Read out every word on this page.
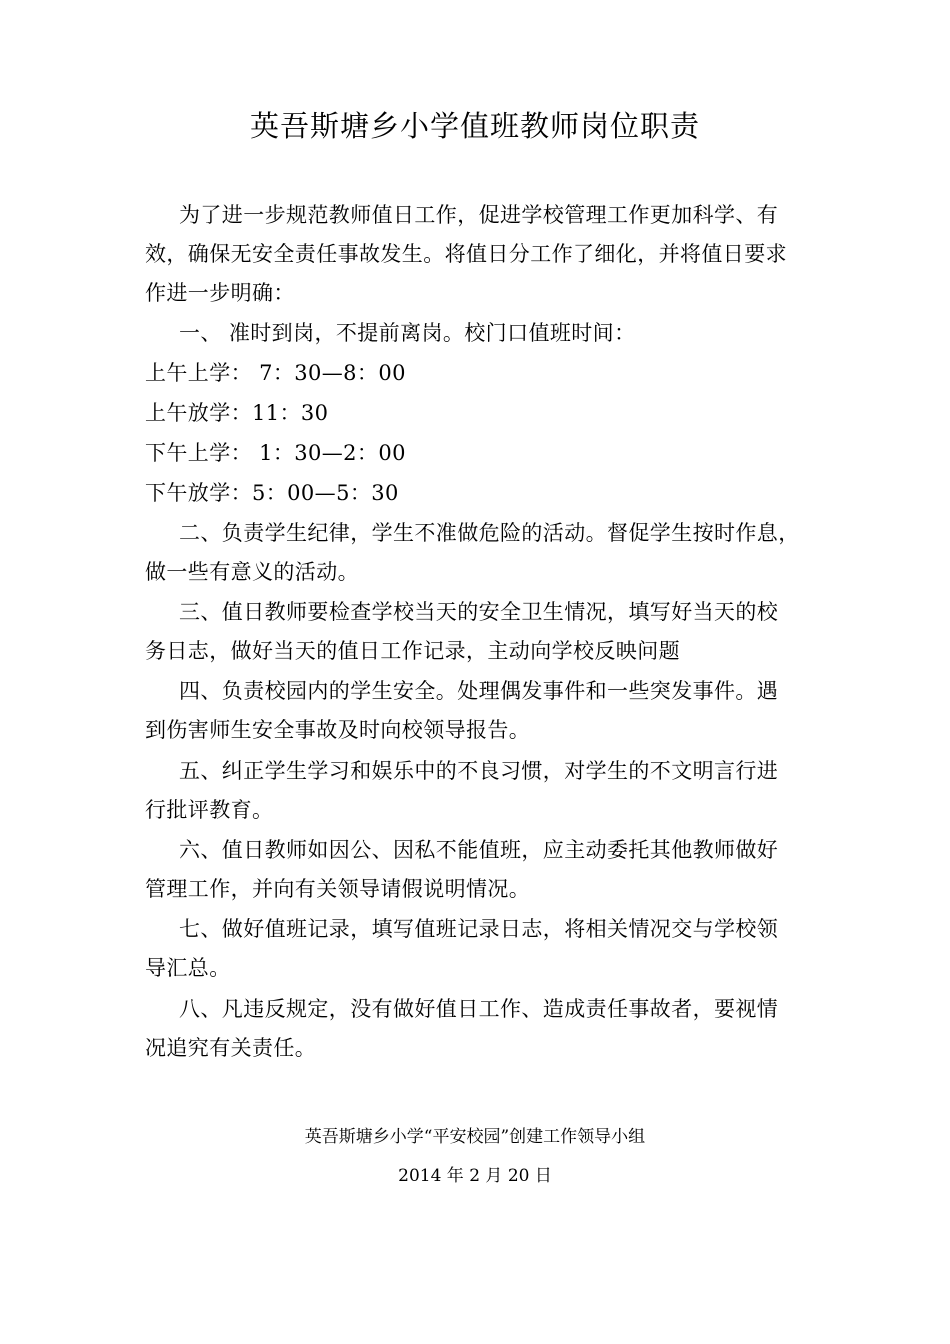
英吾斯塘乡小学值班教师岗位职责
为了进一步规范教师值日工作，促进学校管理工作更加科学、有
效，确保无安全责任事故发生。将值日分工作了细化，并将值日要求
作进一步明确：
一、 准时到岗，不提前离岗。校门口值班时间：
上午上学： 7：30—8：00
上午放学：11：30
下午上学： 1：30—2：00
下午放学：5：00—5：30
二、负责学生纪律，学生不准做危险的活动。督促学生按时作息，
做一些有意义的活动。
三、值日教师要检查学校当天的安全卫生情况，填写好当天的校
务日志，做好当天的值日工作记录，主动向学校反映问题
四、负责校园内的学生安全。处理偶发事件和一些突发事件。遇
到伤害师生安全事故及时向校领导报告。
五、纠正学生学习和娱乐中的不良习惯，对学生的不文明言行进
行批评教育。
六、值日教师如因公、因私不能值班，应主动委托其他教师做好
管理工作，并向有关领导请假说明情况。
七、做好值班记录，填写值班记录日志，将相关情况交与学校领
导汇总。
八、凡违反规定，没有做好值日工作、造成责任事故者，要视情
况追究有关责任。
英吾斯塘乡小学“平安校园”创建工作领导小组
2014 年 2 月 20 日
